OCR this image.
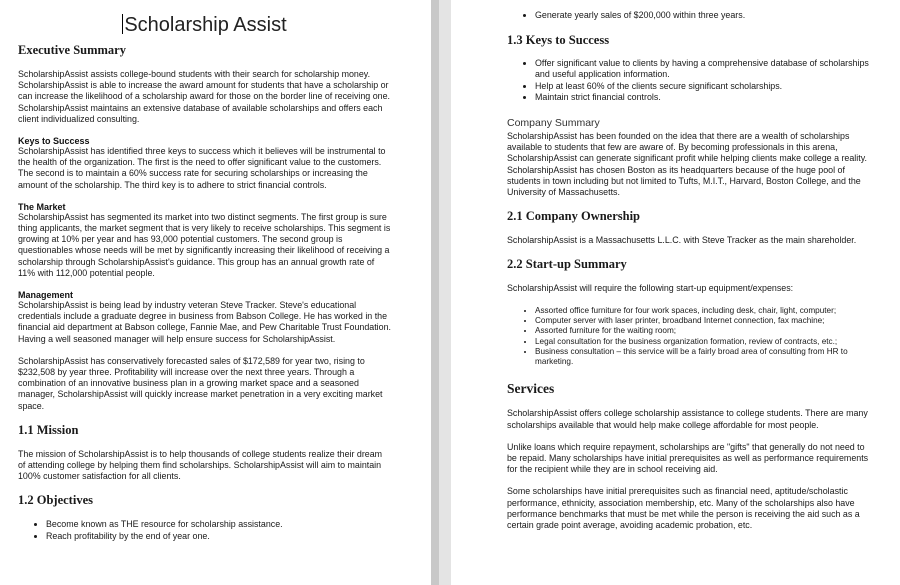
Scholarship Assist
Executive Summary

ScholarshipAssist assists college-bound students with their search for scholarship money. ScholarshipAssist is able to increase the award amount for students that have a scholarship or can increase the likelihood of a scholarship award for those on the border line of receiving one. ScholarshipAssist maintains an extensive database of available scholarships and offers each client individualized consulting.

Keys to Success

ScholarshipAssist has identified three keys to success which it believes will be instrumental to the health of the organization. The first is the need to offer significant value to the customers. The second is to maintain a 60% success rate for securing scholarships or increasing the amount of the scholarship. The third key is to adhere to strict financial controls.

The Market

ScholarshipAssist has segmented its market into two distinct segments. The first group is sure thing applicants, the market segment that is very likely to receive scholarships. This segment is growing at 10% per year and has 93,000 potential customers. The second group is questionables whose needs will be met by significantly increasing their likelihood of receiving a scholarship through ScholarshipAssist's guidance. This group has an annual growth rate of 11% with 112,000 potential people.

Management

ScholarshipAssist is being lead by industry veteran Steve Tracker. Steve's educational credentials include a graduate degree in business from Babson College. He has worked in the financial aid department at Babson college, Fannie Mae, and Pew Charitable Trust Foundation. Having a well seasoned manager will help ensure success for ScholarshipAssist.

ScholarshipAssist has conservatively forecasted sales of $172,589 for year two, rising to $232,508 by year three. Profitability will increase over the next three years. Through a combination of an innovative business plan in a growing market space and a seasoned manager, ScholarshipAssist will quickly increase market penetration in a very exciting market space.

1.1 Mission

The mission of ScholarshipAssist is to help thousands of college students realize their dream of attending college by helping them find scholarships. ScholarshipAssist will aim to maintain 100% customer satisfaction for all clients.

1.2 Objectives
• Become known as THE resource for scholarship assistance.
• Reach profitability by the end of year one.
• Generate yearly sales of $200,000 within three years.
1.3 Keys to Success
• Offer significant value to clients by having a comprehensive database of scholarships and useful application information.
• Help at least 60% of the clients secure significant scholarships.
• Maintain strict financial controls.
Company Summary

ScholarshipAssist has been founded on the idea that there are a wealth of scholarships available to students that few are aware of. By becoming professionals in this arena, ScholarshipAssist can generate significant profit while helping clients make college a reality. ScholarshipAssist has chosen Boston as its headquarters because of the huge pool of students in town including but not limited to Tufts, M.I.T., Harvard, Boston College, and the University of Massachusetts.

2.1 Company Ownership

ScholarshipAssist is a Massachusetts L.L.C. with Steve Tracker as the main shareholder.

2.2 Start-up Summary

ScholarshipAssist will require the following start-up equipment/expenses:

• Assorted office furniture for four work spaces, including desk, chair, light, computer;
• Computer server with laser printer, broadband Internet connection, fax machine;
• Assorted furniture for the waiting room;
• Legal consultation for the business organization formation, review of contracts, etc.;
• Business consultation – this service will be a fairly broad area of consulting from HR to marketing.
Services

ScholarshipAssist offers college scholarship assistance to college students. There are many scholarships available that would help make college affordable for most people.

Unlike loans which require repayment, scholarships are "gifts" that generally do not need to be repaid. Many scholarships have initial prerequisites as well as performance requirements for the recipient while they are in school receiving aid.

Some scholarships have initial prerequisites such as financial need, aptitude/scholastic performance, ethnicity, association membership, etc. Many of the scholarships also have performance benchmarks that must be met while the person is receiving the aid such as a certain grade point average, avoiding academic probation, etc.
